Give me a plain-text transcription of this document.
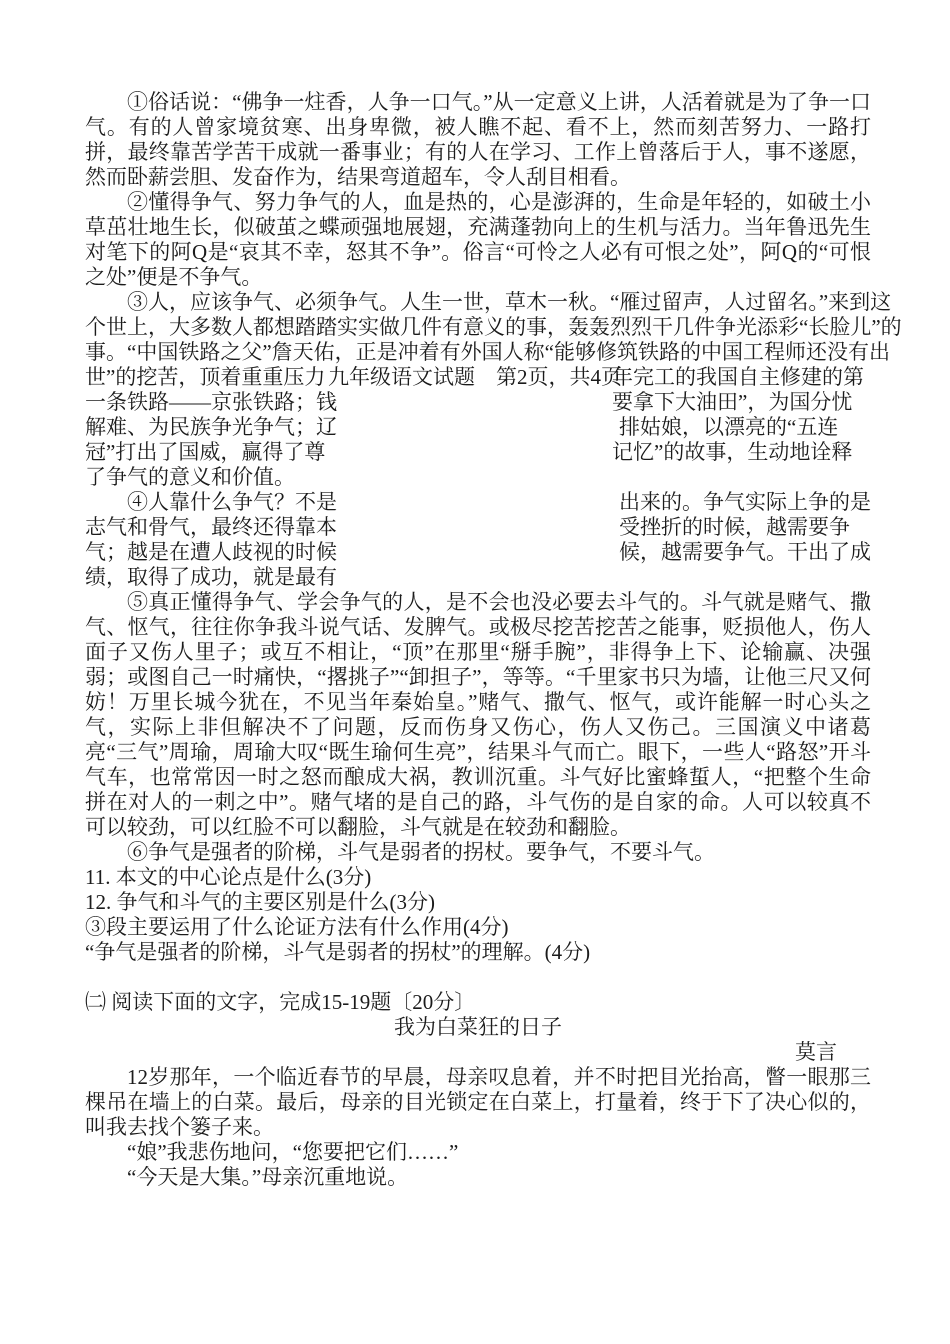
①俗话说：“佛争一炷香，人争一口气。”从一定意义上讲，人活着就是为了争一口气。有的人曾家境贫寒、出身卑微，被人瞧不起、看不上，然而刻苦努力、一路打拼，最终靠苦学苦干成就一番事业；有的人在学习、工作上曾落后于人，事不遂愿，然而卧薪尝胆、发奋作为，结果弯道超车，令人刮目相看。

②懂得争气、努力争气的人，血是热的，心是澎湃的，生命是年轻的，如破土小草茁壮地生长，似破茧之蝶顽强地展翅，充满蓬勃向上的生机与活力。当年鲁迅先生对笔下的阿Q是“哀其不幸，怒其不争”。俗言“可怜之人必有可恨之处”，阿Q的“可恨之处”便是不争气。

③人，应该争气、必须争气。人生一世，草木一秋。“雁过留声，人过留名。”来到这
个世上，大多数人都想踏踏实实做几件有意义的事，轰轰烈烈干几件争光添彩“长脸儿”的
事。“中国铁路之父”詹天佑，正是冲着有外国人称“能够修筑铁路的中国工程师还没有出
世”的挖苦，顶着重重压力 九年级语文试题　第2页，共4页
年完工的我国自主修建的第
一条铁路——京张铁路；钱	要拿下大油田”，为国分忧
解难、为民族争光争气；辽	排姑娘，以漂亮的“五连
冠”打出了国威，赢得了尊	记忆”的故事，生动地诠释
了争气的意义和价值。
④人靠什么争气？不是	出来的。争气实际上争的是
志气和骨气，最终还得靠本	受挫折的时候，越需要争
气；越是在遭人歧视的时候	候，越需要争气。干出了成
绩，取得了成功，就是最有

⑤真正懂得争气、学会争气的人，是不会也没必要去斗气的。斗气就是赌气、撒气、怄气，往往你争我斗说气话、发脾气。或极尽挖苦挖苦之能事，贬损他人，伤人面子又伤人里子；或互不相让，“顶”在那里“掰手腕”，非得争上下、论输赢、决强弱；或图自己一时痛快，“撂挑子”“卸担子”，等等。“千里家书只为墙，让他三尺又何妨！万里长城今犹在，不见当年秦始皇。”赌气、撒气、怄气，或许能解一时心头之气，实际上非但解决不了问题，反而伤身又伤心，伤人又伤己。三国演义中诸葛亮“三气”周瑜，周瑜大叹“既生瑜何生亮”，结果斗气而亡。眼下，一些人“路怒”开斗气车，也常常因一时之怒而酿成大祸，教训沉重。斗气好比蜜蜂蜇人，“把整个生命拼在对人的一刺之中”。赌气堵的是自己的路，斗气伤的是自家的命。人可以较真不可以较劲，可以红脸不可以翻脸，斗气就是在较劲和翻脸。

⑥争气是强者的阶梯，斗气是弱者的拐杖。要争气，不要斗气。

11. 本文的中心论点是什么(3分)

12. 争气和斗气的主要区别是什么(3分)

③段主要运用了什么论证方法有什么作用(4分)

“争气是强者的阶梯，斗气是弱者的拐杖”的理解。(4分)

㈡ 阅读下面的文字，完成15-19题〔20分〕

我为白菜狂的日子

莫言

12岁那年，一个临近春节的早晨，母亲叹息着，并不时把目光抬高，瞥一眼那三棵吊在墙上的白菜。最后，母亲的目光锁定在白菜上，打量着，终于下了决心似的，叫我去找个篓子来。

“娘”我悲伤地问，“您要把它们……”

“今天是大集。”母亲沉重地说。
